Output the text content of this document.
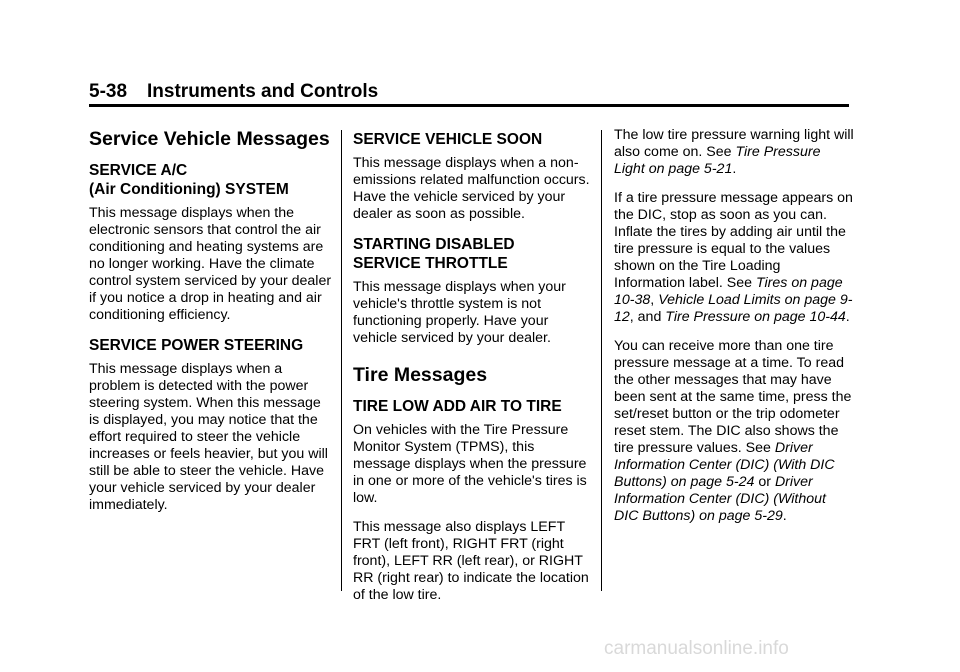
5-38 Instruments and Controls
Service Vehicle Messages
SERVICE A/C
(Air Conditioning) SYSTEM

This message displays when the electronic sensors that control the air conditioning and heating systems are no longer working. Have the climate control system serviced by your dealer if you notice a drop in heating and air conditioning efficiency.

SERVICE POWER STEERING

This message displays when a problem is detected with the power steering system. When this message is displayed, you may notice that the effort required to steer the vehicle increases or feels heavier, but you will still be able to steer the vehicle. Have your vehicle serviced by your dealer immediately.

SERVICE VEHICLE SOON

This message displays when a non-emissions related malfunction occurs. Have the vehicle serviced by your dealer as soon as possible.

STARTING DISABLED
SERVICE THROTTLE

This message displays when your vehicle's throttle system is not functioning properly. Have your vehicle serviced by your dealer.

Tire Messages
TIRE LOW ADD AIR TO TIRE

On vehicles with the Tire Pressure Monitor System (TPMS), this message displays when the pressure in one or more of the vehicle's tires is low.

This message also displays LEFT FRT (left front), RIGHT FRT (right front), LEFT RR (left rear), or RIGHT RR (right rear) to indicate the location of the low tire.

The low tire pressure warning light will also come on. See Tire Pressure Light on page 5-21.

If a tire pressure message appears on the DIC, stop as soon as you can. Inflate the tires by adding air until the tire pressure is equal to the values shown on the Tire Loading Information label. See Tires on page 10-38, Vehicle Load Limits on page 9-12, and Tire Pressure on page 10-44.

You can receive more than one tire pressure message at a time. To read the other messages that may have been sent at the same time, press the set/reset button or the trip odometer reset stem. The DIC also shows the tire pressure values. See Driver Information Center (DIC) (With DIC Buttons) on page 5-24 or Driver Information Center (DIC) (Without DIC Buttons) on page 5-29.

carmanualsonline.info
